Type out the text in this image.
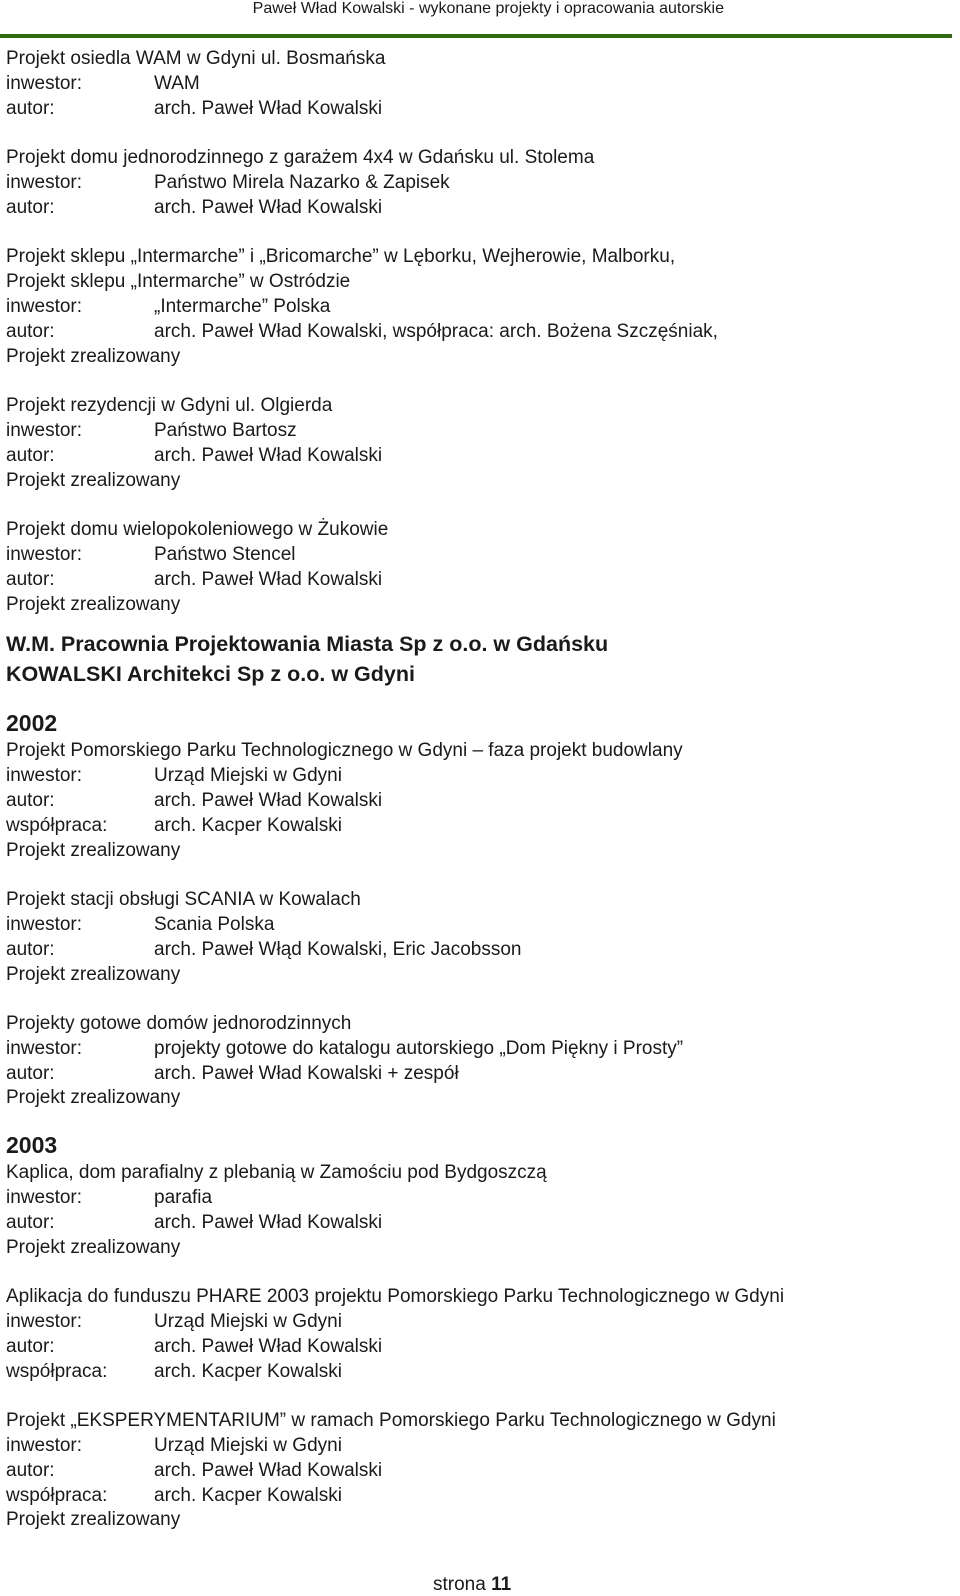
Paweł Wład Kowalski - wykonane projekty i opracowania autorskie
Projekt osiedla WAM w Gdyni ul. Bosmańska
inwestor:	WAM
autor:	arch. Paweł Wład Kowalski
Projekt domu jednorodzinnego z garażem 4x4 w Gdańsku ul. Stolema
inwestor:	Państwo Mirela Nazarko & Zapisek
autor:	arch. Paweł Wład Kowalski
Projekt sklepu „Intermarche” i „Bricomarche” w Lęborku, Wejherowie, Malborku,
Projekt sklepu „Intermarche” w Ostródzie
inwestor:	„Intermarche” Polska
autor:	arch. Paweł Wład Kowalski, współpraca: arch. Bożena Szczęśniak,
Projekt zrealizowany
Projekt rezydencji w Gdyni ul. Olgierda
inwestor:	Państwo Bartosz
autor:	arch. Paweł Wład Kowalski
Projekt zrealizowany
Projekt domu wielopokoleniowego w Żukowie
inwestor:	Państwo Stencel
autor:	arch. Paweł Wład Kowalski
Projekt zrealizowany
W.M. Pracownia Projektowania Miasta Sp z o.o. w Gdańsku
KOWALSKI Architekci Sp z o.o. w Gdyni
2002
Projekt Pomorskiego Parku Technologicznego w Gdyni – faza projekt budowlany
inwestor:	Urząd Miejski w Gdyni
autor:	arch. Paweł Wład Kowalski
współpraca: arch. Kacper Kowalski
Projekt zrealizowany
Projekt stacji obsługi SCANIA w Kowalach
inwestor:	Scania Polska
autor:	arch. Paweł Włąd Kowalski, Eric Jacobsson
Projekt zrealizowany
Projekty gotowe domów jednorodzinnych
inwestor:	projekty gotowe do katalogu autorskiego „Dom Piękny i Prosty”
autor:	arch. Paweł Wład Kowalski + zespół
Projekt zrealizowany
2003
Kaplica, dom parafialny z plebanią w Zamościu pod Bydgoszczą
inwestor:	parafia
autor:	arch. Paweł Wład Kowalski
Projekt zrealizowany
Aplikacja do funduszu PHARE 2003 projektu Pomorskiego Parku Technologicznego w Gdyni
inwestor:	Urząd Miejski w Gdyni
autor:	arch. Paweł Wład Kowalski
współpraca: arch. Kacper Kowalski
Projekt „EKSPERYMENTARIUM” w ramach Pomorskiego Parku Technologicznego w Gdyni
inwestor:	Urząd Miejski w Gdyni
autor:	arch. Paweł Wład Kowalski
współpraca: arch. Kacper Kowalski
Projekt zrealizowany
strona 11
